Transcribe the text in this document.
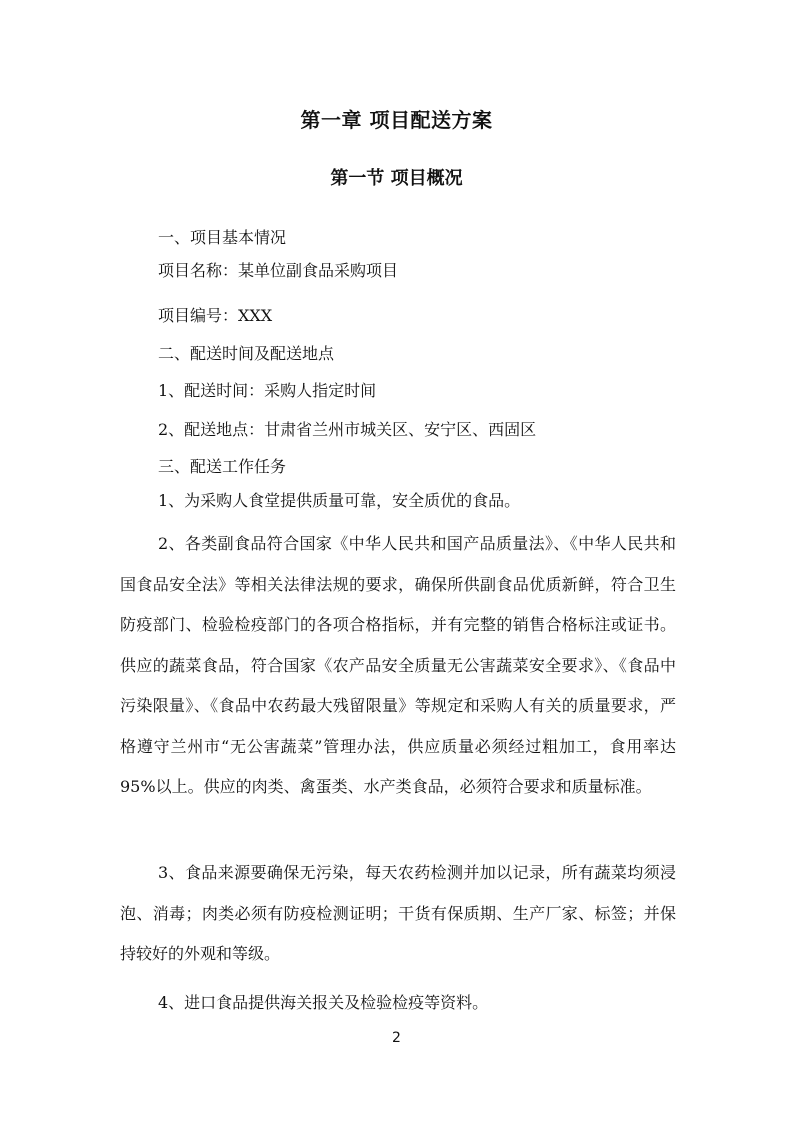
第一章 项目配送方案
第一节 项目概况
一、项目基本情况
项目名称：某单位副食品采购项目
项目编号：XXX
二、配送时间及配送地点
1、配送时间：采购人指定时间
2、配送地点：甘肃省兰州市城关区、安宁区、西固区
三、配送工作任务
1、为采购人食堂提供质量可靠，安全质优的食品。
2、各类副食品符合国家《中华人民共和国产品质量法》、《中华人民共和国食品安全法》等相关法律法规的要求，确保所供副食品优质新鲜，符合卫生防疫部门、检验检疫部门的各项合格指标，并有完整的销售合格标注或证书。供应的蔬菜食品，符合国家《农产品安全质量无公害蔬菜安全要求》、《食品中污染限量》、《食品中农药最大残留限量》等规定和采购人有关的质量要求，严格遵守兰州市“无公害蔬菜”管理办法，供应质量必须经过粗加工，食用率达95%以上。供应的肉类、禽蛋类、水产类食品，必须符合要求和质量标准。
3、食品来源要确保无污染，每天农药检测并加以记录，所有蔬菜均须浸泡、消毒；肉类必须有防疫检测证明；干货有保质期、生产厂家、标签；并保持较好的外观和等级。
4、进口食品提供海关报关及检验检疫等资料。
2
